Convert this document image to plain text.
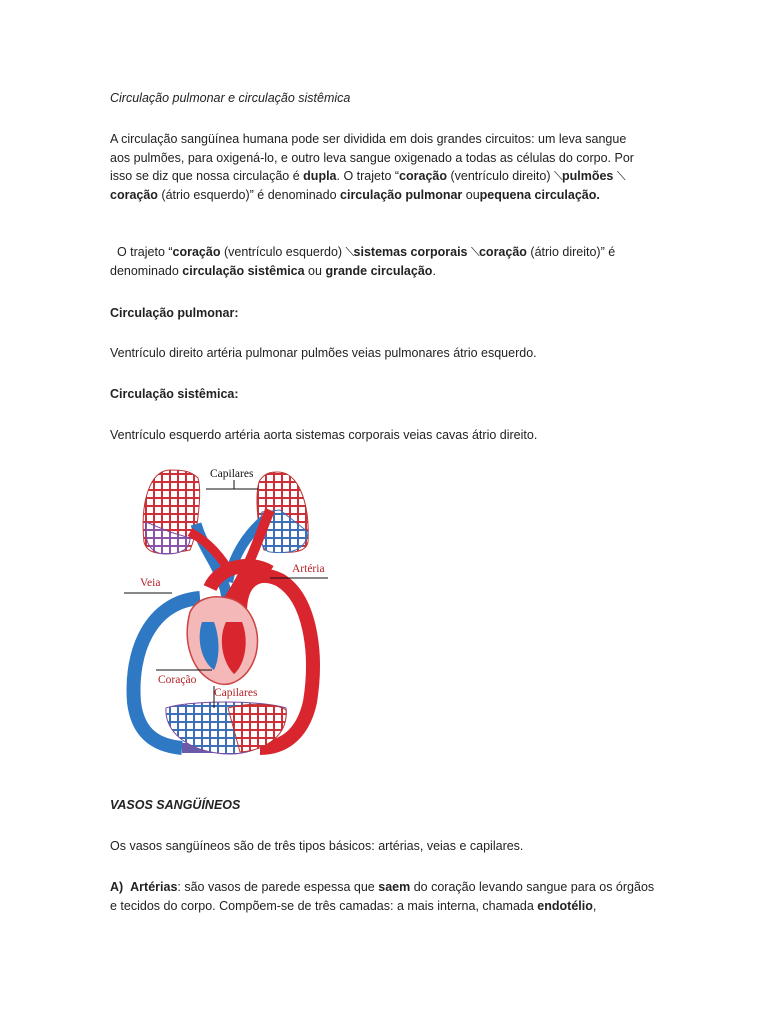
Circulação pulmonar e circulação sistêmica
A circulação sangüínea humana pode ser dividida em dois grandes circuitos: um leva sangue aos pulmões, para oxigená-lo, e outro leva sangue oxigenado a todas as células do corpo. Por isso se diz que nossa circulação é dupla. O trajeto “coração (ventrículo direito) ⟍pulmões ⟍coração (átrio esquerdo)” é denominado circulação pulmonar oupequena circulação.
O trajeto “coração (ventrículo esquerdo) ⟍sistemas corporais ⟍coração (átrio direito)” é denominado circulação sistêmica ou grande circulação.
Circulação pulmonar:
Ventrículo direito artéria pulmonar pulmões veias pulmonares átrio esquerdo.
Circulação sistêmica:
Ventrículo esquerdo artéria aorta sistemas corporais veias cavas átrio direito.
Capilares
Veia
Artéria
Coração
Capilares
VASOS SANGÜÍNEOS
Os vasos sangüíneos são de três tipos básicos: artérias, veias e capilares.
A) Artérias: são vasos de parede espessa que saem do coração levando sangue para os órgãos e tecidos do corpo. Compõem-se de três camadas: a mais interna, chamada endotélio,
